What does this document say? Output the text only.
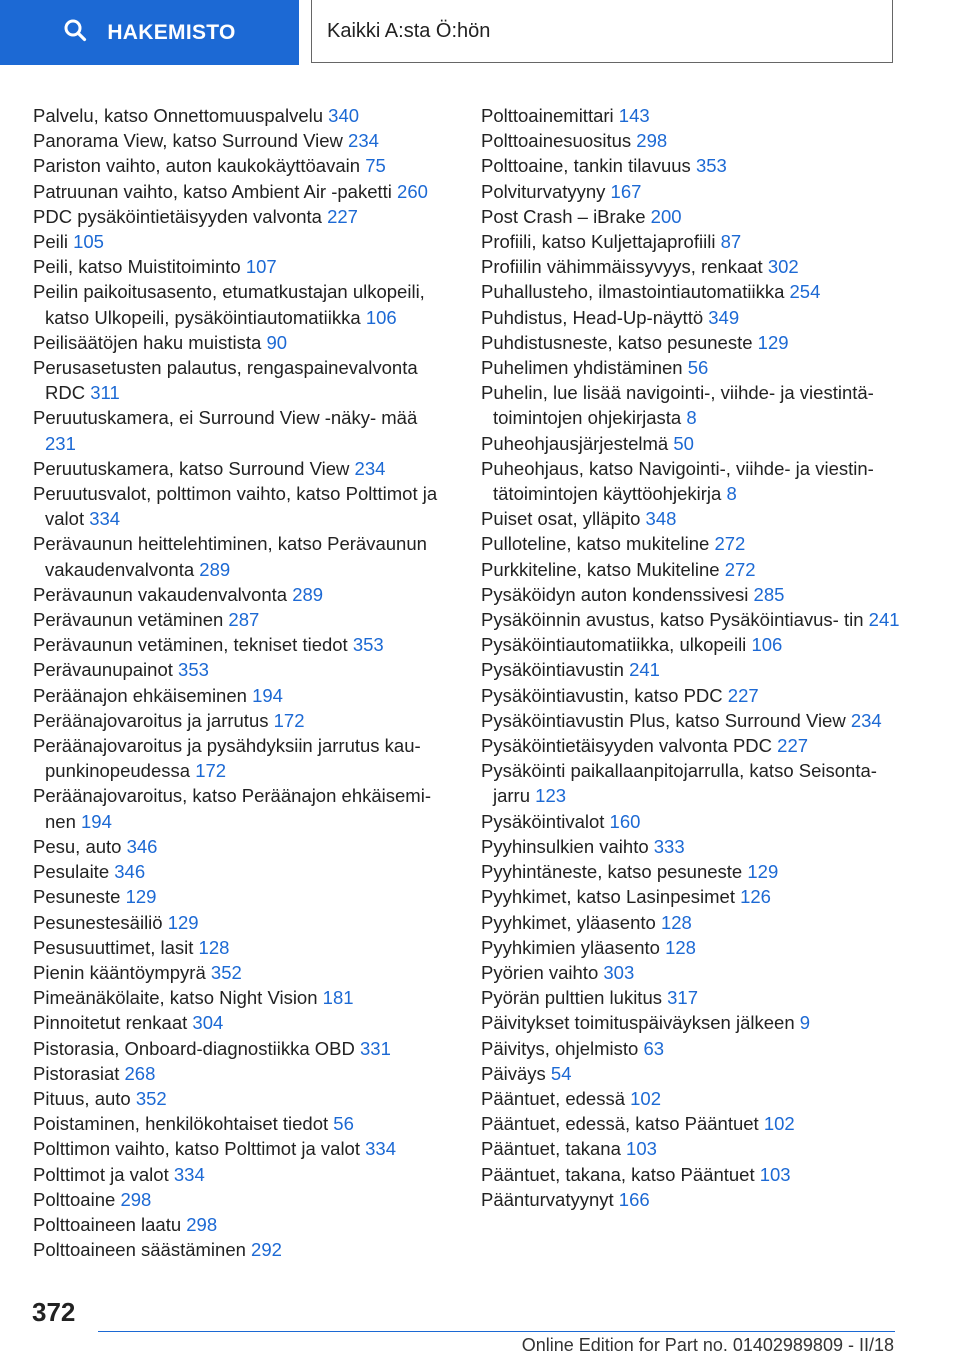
HAKEMISTO	Kaikki A:sta Ö:hön
Palvelu, katso Onnettomuuspalvelu 340
Panorama View, katso Surround View 234
Pariston vaihto, auton kaukokäyttöavain 75
Patruunan vaihto, katso Ambient Air ‑paketti 260
PDC pysäköintietäisyyden valvonta 227
Peili 105
Peili, katso Muistitoiminto 107
Peilin paikoitusasento, etumatkustajan ulkopeili, katso Ulkopeili, pysäköintiautomatiikka 106
Peilisäätöjen haku muistista 90
Perusasetusten palautus, rengaspainevalvonta RDC 311
Peruutuskamera, ei Surround View ‑näky‐ mää 231
Peruutuskamera, katso Surround View 234
Peruutusvalot, polttimon vaihto, katso Polttimot ja valot 334
Perävaunun heittelehtiminen, katso Perävaunun vakaudenvalvonta 289
Perävaunun vakaudenvalvonta 289
Perävaunun vetäminen 287
Perävaunun vetäminen, tekniset tiedot 353
Perävaunupainot 353
Peräänajon ehkäiseminen 194
Peräänajovaroitus ja jarrutus 172
Peräänajovaroitus ja pysähdyksiin jarrutus kau‐ punkinopeudessa 172
Peräänajovaroitus, katso Peräänajon ehkäisemi‐ nen 194
Pesu, auto 346
Pesulaite 346
Pesuneste 129
Pesunestesäiliö 129
Pesusuuttimet, lasit 128
Pienin kääntöympyrä 352
Pimeänäkölaite, katso Night Vision 181
Pinnoitetut renkaat 304
Pistorasia, Onboard‑diagnostiikka OBD 331
Pistorasiat 268
Pituus, auto 352
Poistaminen, henkilökohtaiset tiedot 56
Polttimon vaihto, katso Polttimot ja valot 334
Polttimot ja valot 334
Polttoaine 298
Polttoaineen laatu 298
Polttoaineen säästäminen 292
Polttoainemittari 143
Polttoainesuositus 298
Polttoaine, tankin tilavuus 353
Polviturvatyyny 167
Post Crash – iBrake 200
Profiili, katso Kuljettajaprofiili 87
Profiilin vähimmäissyvyys, renkaat 302
Puhallusteho, ilmastointiautomatiikka 254
Puhdistus, Head‑Up‑näyttö 349
Puhdistusneste, katso pesuneste 129
Puhelimen yhdistäminen 56
Puhelin, lue lisää navigointi‑, viihde‑ ja viestintä‐ toimintojen ohjekirjasta 8
Puheohjausjärjestelmä 50
Puheohjaus, katso Navigointi‑, viihde‑ ja viestin‐ tätoimintojen käyttöohjekirja 8
Puiset osat, ylläpito 348
Pulloteline, katso mukiteline 272
Purkkiteline, katso Mukiteline 272
Pysäköidyn auton kondenssivesi 285
Pysäköinnin avustus, katso Pysäköintiavus‐ tin 241
Pysäköintiautomatiikka, ulkopeili 106
Pysäköintiavustin 241
Pysäköintiavustin, katso PDC 227
Pysäköintiavustin Plus, katso Surround View 234
Pysäköintietäisyyden valvonta PDC 227
Pysäköinti paikallaanpitojarrulla, katso Seisonta‐ jarru 123
Pysäköintivalot 160
Pyyhinsulkien vaihto 333
Pyyhintäneste, katso pesuneste 129
Pyyhkimet, katso Lasinpesimet 126
Pyyhkimet, yläasento 128
Pyyhkimien yläasento 128
Pyörien vaihto 303
Pyörän pulttien lukitus 317
Päivitykset toimituspäiväyksen jälkeen 9
Päivitys, ohjelmisto 63
Päiväys 54
Pääntuet, edessä 102
Pääntuet, edessä, katso Pääntuet 102
Pääntuet, takana 103
Pääntuet, takana, katso Pääntuet 103
Päänturvatyynyt 166
372
Online Edition for Part no. 01402989809 - II/18
